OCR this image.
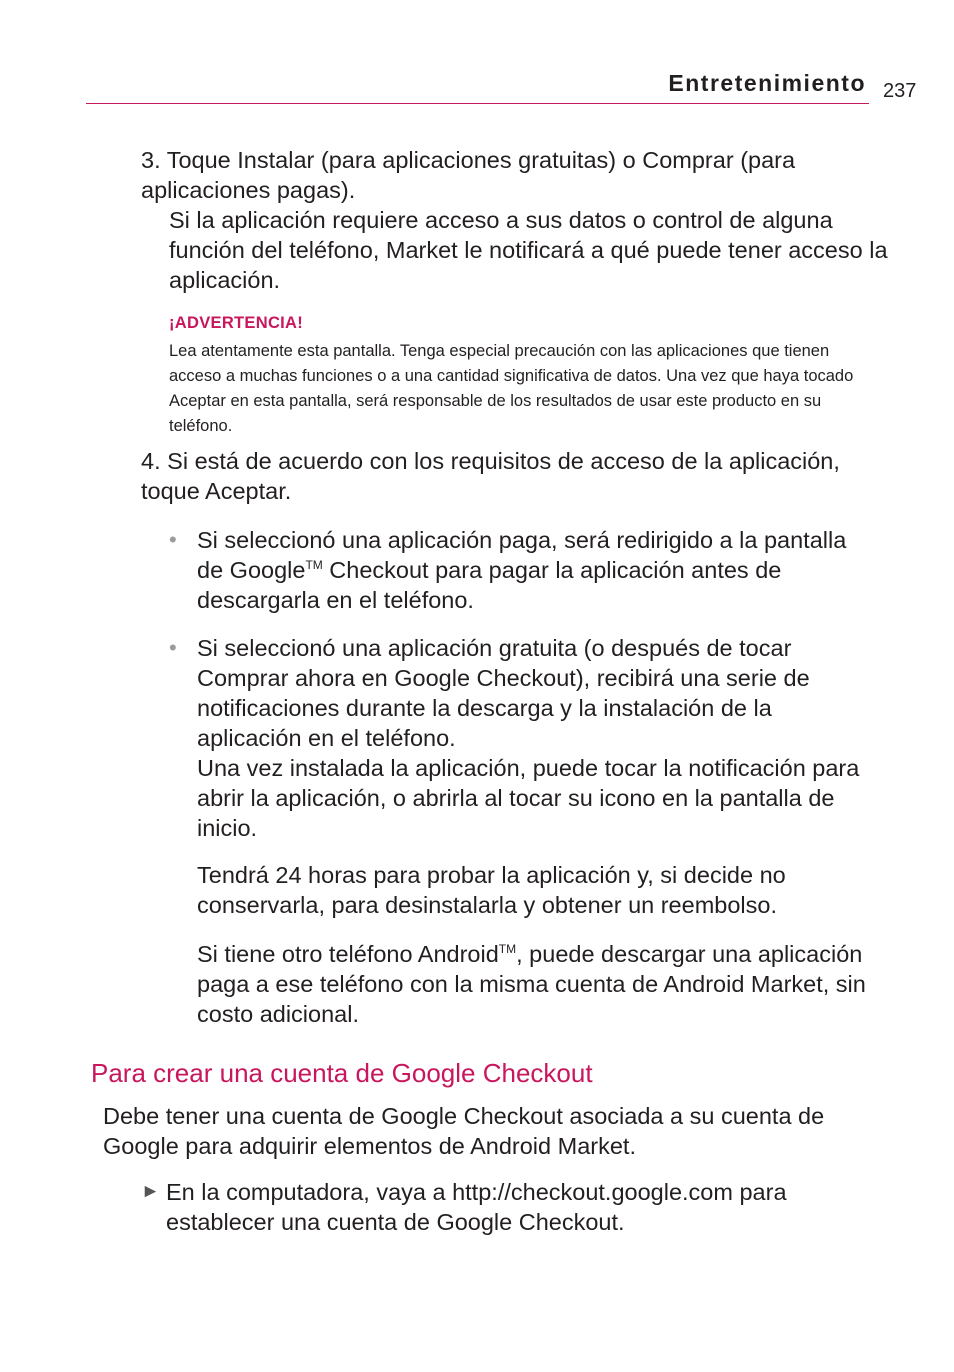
Entretenimiento 237

3. Toque Instalar (para aplicaciones gratuitas) o Comprar (para aplicaciones pagas).
Si la aplicación requiere acceso a sus datos o control de alguna función del teléfono, Market le notificará a qué puede tener acceso la aplicación.

¡ADVERTENCIA!

Lea atentamente esta pantalla. Tenga especial precaución con las aplicaciones que tienen acceso a muchas funciones o a una cantidad significativa de datos. Una vez que haya tocado Aceptar en esta pantalla, será responsable de los resultados de usar este producto en su teléfono.

4. Si está de acuerdo con los requisitos de acceso de la aplicación, toque Aceptar.

• Si seleccionó una aplicación paga, será redirigido a la pantalla de Google™ Checkout para pagar la aplicación antes de descargarla en el teléfono.
• Si seleccionó una aplicación gratuita (o después de tocar Comprar ahora en Google Checkout), recibirá una serie de notificaciones durante la descarga y la instalación de la aplicación en el teléfono.
Una vez instalada la aplicación, puede tocar la notificación para abrir la aplicación, o abrirla al tocar su icono en la pantalla de inicio.

Tendrá 24 horas para probar la aplicación y, si decide no conservarla, para desinstalarla y obtener un reembolso.

Si tiene otro teléfono Android™, puede descargar una aplicación paga a ese teléfono con la misma cuenta de Android Market, sin costo adicional.

Para crear una cuenta de Google Checkout

Debe tener una cuenta de Google Checkout asociada a su cuenta de Google para adquirir elementos de Android Market.

► En la computadora, vaya a http://checkout.google.com para establecer una cuenta de Google Checkout.
